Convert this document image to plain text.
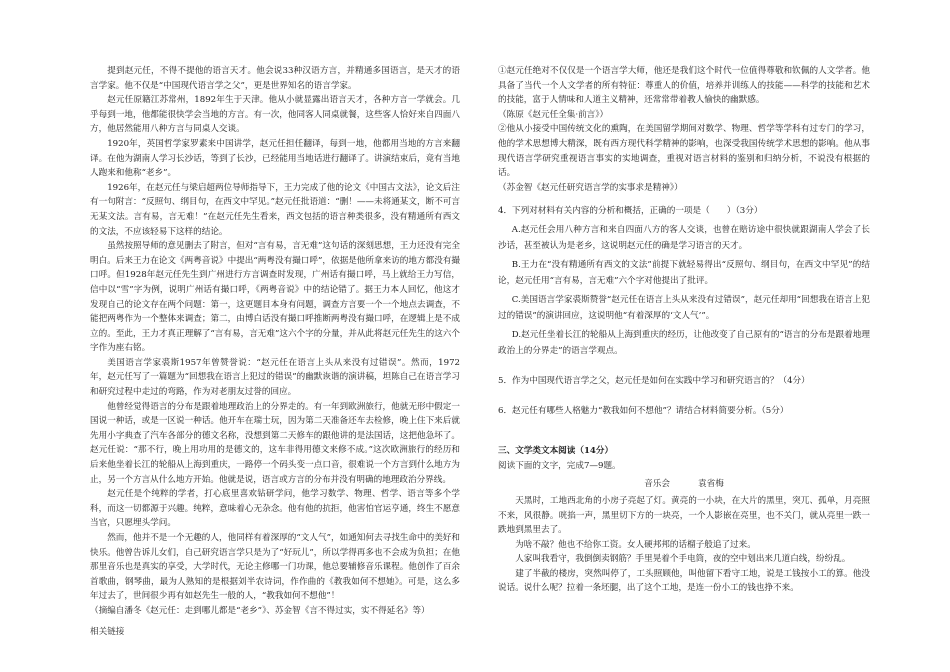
提到赵元任，不得不提他的语言天才。他会说33种汉语方言，并精通多国语言，是天才的语言学家。他不仅是“中国现代语言学之父”，更是世界知名的语言学家。

赵元任原籍江苏常州，1892年生于天津。他从小就显露出语言天才，各种方言一学就会。几乎每到一地，他都能很快学会当地的方言。有一次，他同客人同桌就餐，这些客人恰好来自四面八方，他居然能用八种方言与同桌人交谈。

1920年，英国哲学家罗素来中国讲学，赵元任担任翻译，每到一地，他都用当地的方言来翻译。在他为湖南人学习长沙话，等到了长沙，已经能用当地话进行翻译了。讲演结束后，竟有当地人跑来和他称“老乡”。

1926年，在赵元任与梁启超两位导师指导下，王力完成了他的论文《中国古文法》，论文后注有一句附言：“反照句、纲目句，在西文中罕见。”赵元任批语道：“删！——未将通某文，断不可言无某文法。言有易，言无难！”在赵元任先生看来，西文包括的语言种类很多，没有精通所有西文的文法，不应该轻易下这样的结论。

虽然按照导师的意见删去了附言，但对“言有易，言无难”这句话的深刻思想，王力还没有完全明白。后来王力在论文《两粤音说》中提出“两粤没有撮口呼”，依据是他所拿来访的地方都没有撮口呼。但1928年赵元任先生到广州进行方言调查时发现，广州话有撮口呼，马上就给王力写信，信中以“雪”字为例，说明广州话有撮口呼，《两粤音说》中的结论错了。据王力本人回忆，他这才发现自己的论文存在两个问题：第一，这更题目本身有问题，调查方言要一个一个地点去调查，不能把两粤作为一个整体来调查；第二，由博白话没有撮口呼推断两粤没有撮口呼，在逻辑上是不成立的。至此，王力才真正理解了“言有易，言无难”这六个字的分量，并从此将赵元任先生的这六个字作为座右铭。

美国语言学家裘斯1957年曾赞誉说：“赵元任在语言上头从来没有过错误”。然而，1972年，赵元任写了一篇题为“回想我在语言上犯过的错误”的幽默诙谐的演讲稿，坦陈自己在语言学习和研究过程中走过的弯路，作为对老朋友过誉的回应。

他曾经觉得语言的分布是跟着地理政治上的分界走的。有一年到欧洲旅行，他就无形中假定一国说一种话，或是一区说一种话。他开车在瑞士玩，因为第二天准备还车去检修，晚上住下来后就先用小字典查了汽车各部分的德文名称，没想到第二天修车的跟他讲的是法国话，这把他急坏了。赵元任说：“那不行，晚上用功用的是德文的，这车非得用德文来修不成。”这次欧洲旅行的经历和后来他坐着长江的轮船从上海到重庆，一路停一个码头变一点口音，很难说一个方言到什么地方为止，另一个方言从什么地方开始。他就是说，语言或方言的分布并没有明确的地理政治分界线。

赵元任是个纯粹的学者，打心底里喜欢钻研学问，他学习数学、物理、哲学、语言等多个学科，而这一切都源于兴趣。纯粹，意味着心无杂念。他有他的抗拒，他害怕官运亨通，终生不愿意当官，只愿埋头学问。

然而，他并不是一个无趣的人，他同样有着深厚的“文人气”，如通知何去寻找生命中的美好和快乐。他曾告诉儿女们，自己研究语言学只是为了“好玩儿”，所以学得再多也不会成为负担；在他那里音乐也是真实的享受，大学时代，无论主修哪一门功课，他总要辅修音乐课程。他创作了百余首歌曲，钢琴曲，最为人熟知的是根据刘半农诗词，作作曲的《教我如何不想她》。可是，这么多年过去了，世间很少再有如赵先生一般的人，“教我如何不想他”！

（摘编自潘冬《赵元任：走到哪儿都是“老乡”》、苏金智《言不得过实，实不得延名》等）

相关链接

①赵元任绝对不仅仅是一个语言学大师，他还是我们这个时代一位值得尊敬和钦佩的人文学者。他具备了当代一个人文学者的所有特征：尊重人的价值，培养并训练人的技能——科学的技能和艺术的技能，富于人情味和人道主义精神，还常常带着教人愉快的幽默感。

（陈原《赵元任全集·前言》）

②他从小接受中国传统文化的熏陶，在美国留学期间对数学、物理、哲学等学科有过专门的学习，他的学术思想博大精深，既有西方现代科学精神的影响，也深受我国传统学术思想的影响。他从事现代语言学研究重视语言事实的实地调查，重视对语言材料的鉴别和归纳分析，不说没有根据的话。

（苏金智《赵元任研究语言学的实事求是精神》）

4．下列对材料有关内容的分析和概括，正确的一项是（　　）（3分）

A.赵元任会用八种方言和来自四面八方的客人交谈，也曾在赔访途中很快就跟湖南人学会了长沙话，甚至被认为是老乡，这说明赵元任的确是学习语言的天才。

B.王力在“没有精通所有西文的文法”前提下就轻易得出“反照句、纲目句，在西文中罕见”的结论，赵元任用“言有易，言无难”六个字对他提出了批评。

C.美国语言学家裘斯赞誉“赵元任在语言上头从来没有过错误”，赵元任却用“回想我在语言上犯过的错误”的演讲回应，这说明他“有着深厚的‘文人气’”。

D.赵元任坐着长江的轮船从上海到重庆的经历，让他改变了自己原有的“语言的分布是跟着地理政治上的分界走”的语言学观点。

5．作为中国现代语言学之父，赵元任是如何在实践中学习和研究语言的？（4分）

6．赵元任有哪些人格魅力“教我如何不想他”？请结合材料简要分析。（5分）

三、文学类文本阅读（14分）

阅读下面的文字，完成7—9题。

音乐会	袁省梅

天黑时，工地西北角的小房子亮起了灯。黄亮的一小块，在大片的黑里，突兀、孤单，月亮照不来，风很静。咣掐一声，黑里切下方的一块亮，一个人影嵌在亮里，也不关门，就从亮里一跌一跌地到黑里去了。

为啥不敲？他也不给你工资。女人硬邦邦的话榴子般追了过来。

人家叫我看守，我倒倒卖钢筋？手里晃着个手电筒，夜的空中划出来几道白线，纷纷乱。

建了半截的楼房，突然叫停了，工头照顾他，叫他留下看守工地，说是工钱按小工的算。他没说话。说什么呢？拉着一条坯腿，出了这个工地，是连一份小工的钱也挣不来。
